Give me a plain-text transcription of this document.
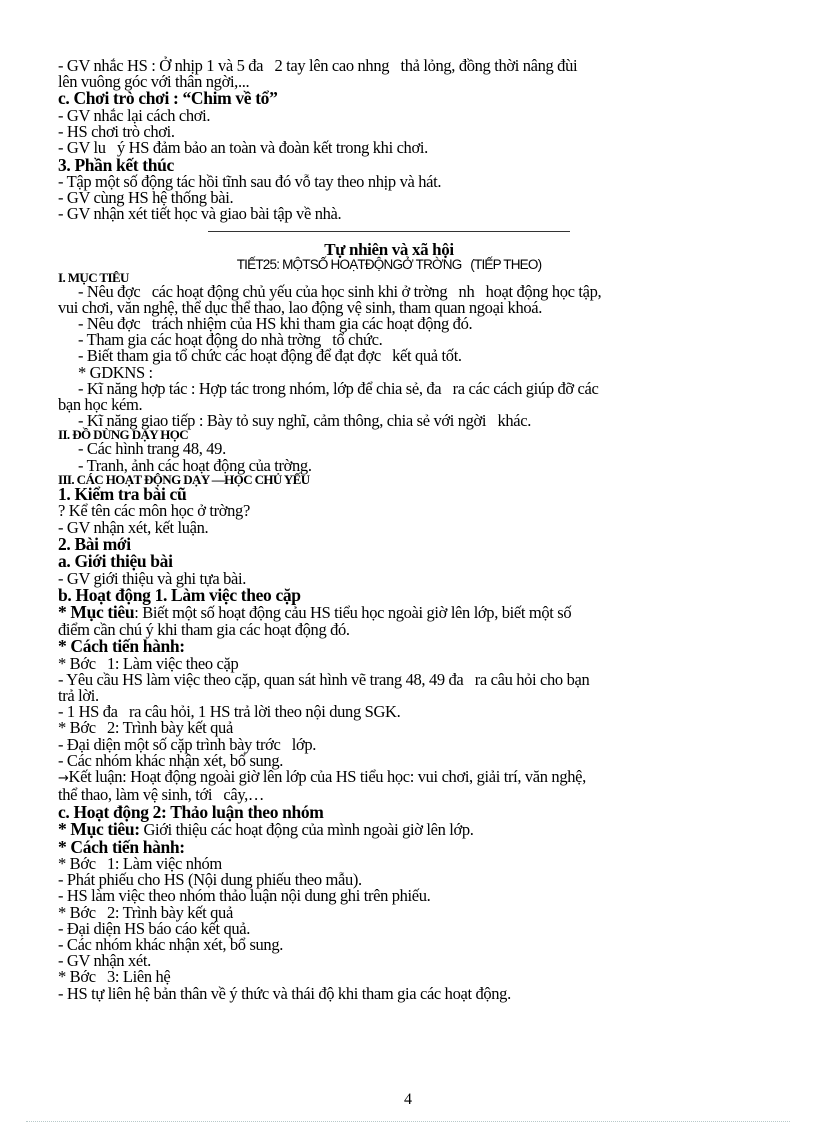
- GV nhắc HS : Ở nhịp 1 và 5 đa   2 tay lên cao nhng   thả lỏng, đồng thời nâng đùi
lên vuông góc với thân ngời,...
c. Chơi trò chơi : “Chim về tổ”
- GV nhắc lại cách chơi.
- HS chơi trò chơi.
- GV lu   ý HS đảm bảo an toàn và đoàn kết trong khi chơi.
3. Phần kết thúc
- Tập một số động tác hồi tĩnh sau đó vỗ tay theo nhịp và hát.
- GV cùng HS hệ thống bài.
- GV nhận xét tiết học và giao bài tập về nhà.
Tự nhiên và xã hội
TIẾT25: MỘTSỐ HOẠTĐỘNGỞ TRỜNG   (TIẾP THEO)
I. MỤC TIÊU
- Nêu đợc   các hoạt động chủ yếu của học sinh khi ở trờng   nh   hoạt động học tập,
vui chơi, văn nghệ, thể dục thể thao, lao động vệ sinh, tham quan ngoại khoá.
- Nêu đợc   trách nhiệm của HS khi tham gia các hoạt động đó.
- Tham gia các hoạt động do nhà trờng   tổ chức.
- Biết tham gia tổ chức các hoạt động để đạt đợc   kết quả tốt.
* GDKNS :
- Kĩ năng hợp tác : Hợp tác trong nhóm, lớp để chia sẻ, đa   ra các cách giúp đỡ các
bạn học kém.
- Kĩ năng giao tiếp : Bày tỏ suy nghĩ, cảm thông, chia sẻ với ngời   khác.
II. ĐỒ DÙNG DẠY HỌC
- Các hình trang 48, 49.
- Tranh, ảnh các hoạt động của trờng.
III. CÁC HOẠT ĐỘNG DẠY —HỌC CHỦ YẾU
1. Kiểm tra bài cũ
? Kể tên các môn học ở trờng?
- GV nhận xét, kết luận.
2. Bài mới
a. Giới thiệu bài
- GV giới thiệu và ghi tựa bài.
b. Hoạt động 1. Làm việc theo cặp
* Mục tiêu: Biết một số hoạt động cảu HS tiểu học ngoài giờ lên lớp, biết một số
điểm cần chú ý khi tham gia các hoạt động đó.
* Cách tiến hành:
* Bớc   1: Làm việc theo cặp
- Yêu cầu HS làm việc theo cặp, quan sát hình vẽ trang 48, 49 đa   ra câu hỏi cho bạn
trả lời.
- 1 HS đa   ra câu hỏi, 1 HS trả lời theo nội dung SGK.
* Bớc   2: Trình bày kết quả
- Đại diện một số cặp trình bày trớc   lớp.
- Các nhóm khác nhận xét, bổ sung.
→Kết luận: Hoạt động ngoài giờ lên lớp của HS tiểu học: vui chơi, giải trí, văn nghệ,
thể thao, làm vệ sinh, tới   cây,…
c. Hoạt động 2: Thảo luận theo nhóm
* Mục tiêu: Giới thiệu các hoạt động của mình ngoài giờ lên lớp.
* Cách tiến hành:
* Bớc   1: Làm việc nhóm
- Phát phiếu cho HS (Nội dung phiếu theo mẫu).
- HS làm việc theo nhóm thảo luận nội dung ghi trên phiếu.
* Bớc   2: Trình bày kết quả
- Đại diện HS báo cáo kết quả.
- Các nhóm khác nhận xét, bổ sung.
- GV nhận xét.
* Bớc   3: Liên hệ
- HS tự liên hệ bản thân về ý thức và thái độ khi tham gia các hoạt động.
4
